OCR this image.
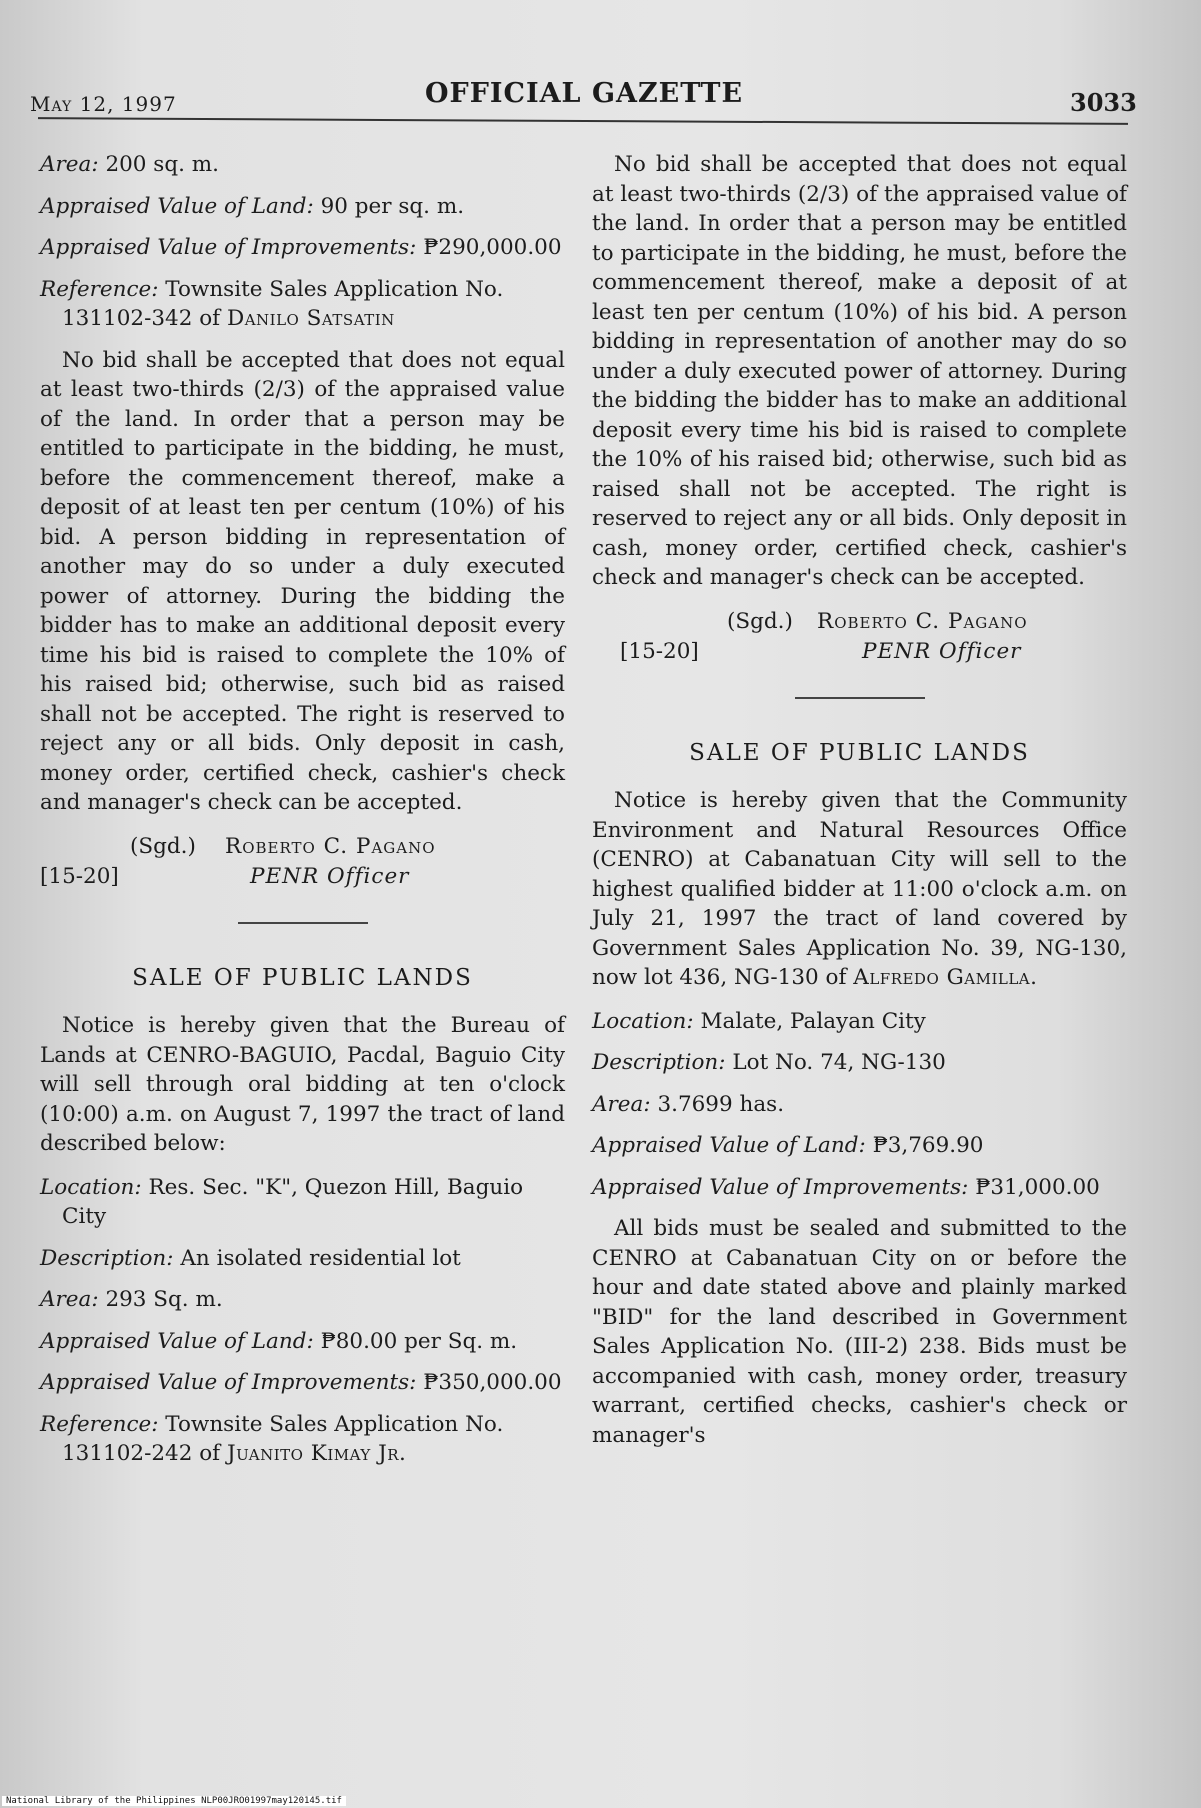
May 12, 1997	OFFICIAL GAZETTE	3033
Area: 200 sq. m.
Appraised Value of Land: 90 per sq. m.
Appraised Value of Improvements: ₱290,000.00
Reference: Townsite Sales Application No. 131102-342 of Danilo Satsatin

No bid shall be accepted that does not equal at least two-thirds (2/3) of the appraised value of the land. In order that a person may be entitled to participate in the bidding, he must, before the commencement thereof, make a deposit of at least ten per centum (10%) of his bid. A person bidding in representation of another may do so under a duly executed power of attorney. During the bidding the bidder has to make an additional deposit every time his bid is raised to complete the 10% of his raised bid; otherwise, such bid as raised shall not be accepted. The right is reserved to reject any or all bids. Only deposit in cash, money order, certified check, cashier's check and manager's check can be accepted.

(Sgd.) Roberto C. Pagano
[15-20]	PENR Officer
SALE OF PUBLIC LANDS

Notice is hereby given that the Bureau of Lands at CENRO-BAGUIO, Pacdal, Baguio City will sell through oral bidding at ten o'clock (10:00) a.m. on August 7, 1997 the tract of land described below:

Location: Res. Sec. "K", Quezon Hill, Baguio City
Description: An isolated residential lot
Area: 293 Sq. m.
Appraised Value of Land: ₱80.00 per Sq. m.
Appraised Value of Improvements: ₱350,000.00
Reference: Townsite Sales Application No. 131102-242 of Juanito Kimay Jr.

No bid shall be accepted that does not equal at least two-thirds (2/3) of the appraised value of the land. In order that a person may be entitled to participate in the bidding, he must, before the commencement thereof, make a deposit of at least ten per centum (10%) of his bid. A person bidding in representation of another may do so under a duly executed power of attorney. During the bidding the bidder has to make an additional deposit every time his bid is raised to complete the 10% of his raised bid; otherwise, such bid as raised shall not be accepted. The right is reserved to reject any or all bids. Only deposit in cash, money order, certified check, cashier's check and manager's check can be accepted.

(Sgd.) Roberto C. Pagano
[15-20]	PENR Officer
SALE OF PUBLIC LANDS

Notice is hereby given that the Community Environment and Natural Resources Office (CENRO) at Cabanatuan City will sell to the highest qualified bidder at 11:00 o'clock a.m. on July 21, 1997 the tract of land covered by Government Sales Application No. 39, NG-130, now lot 436, NG-130 of Alfredo Gamilla.

Location: Malate, Palayan City
Description: Lot No. 74, NG-130
Area: 3.7699 has.
Appraised Value of Land: ₱3,769.90
Appraised Value of Improvements: ₱31,000.00

All bids must be sealed and submitted to the CENRO at Cabanatuan City on or before the hour and date stated above and plainly marked "BID" for the land described in Government Sales Application No. (III-2) 238. Bids must be accompanied with cash, money order, treasury warrant, certified checks, cashier's check or manager's

National Library of the Philippines NLP00JRO01997may120145.tif
